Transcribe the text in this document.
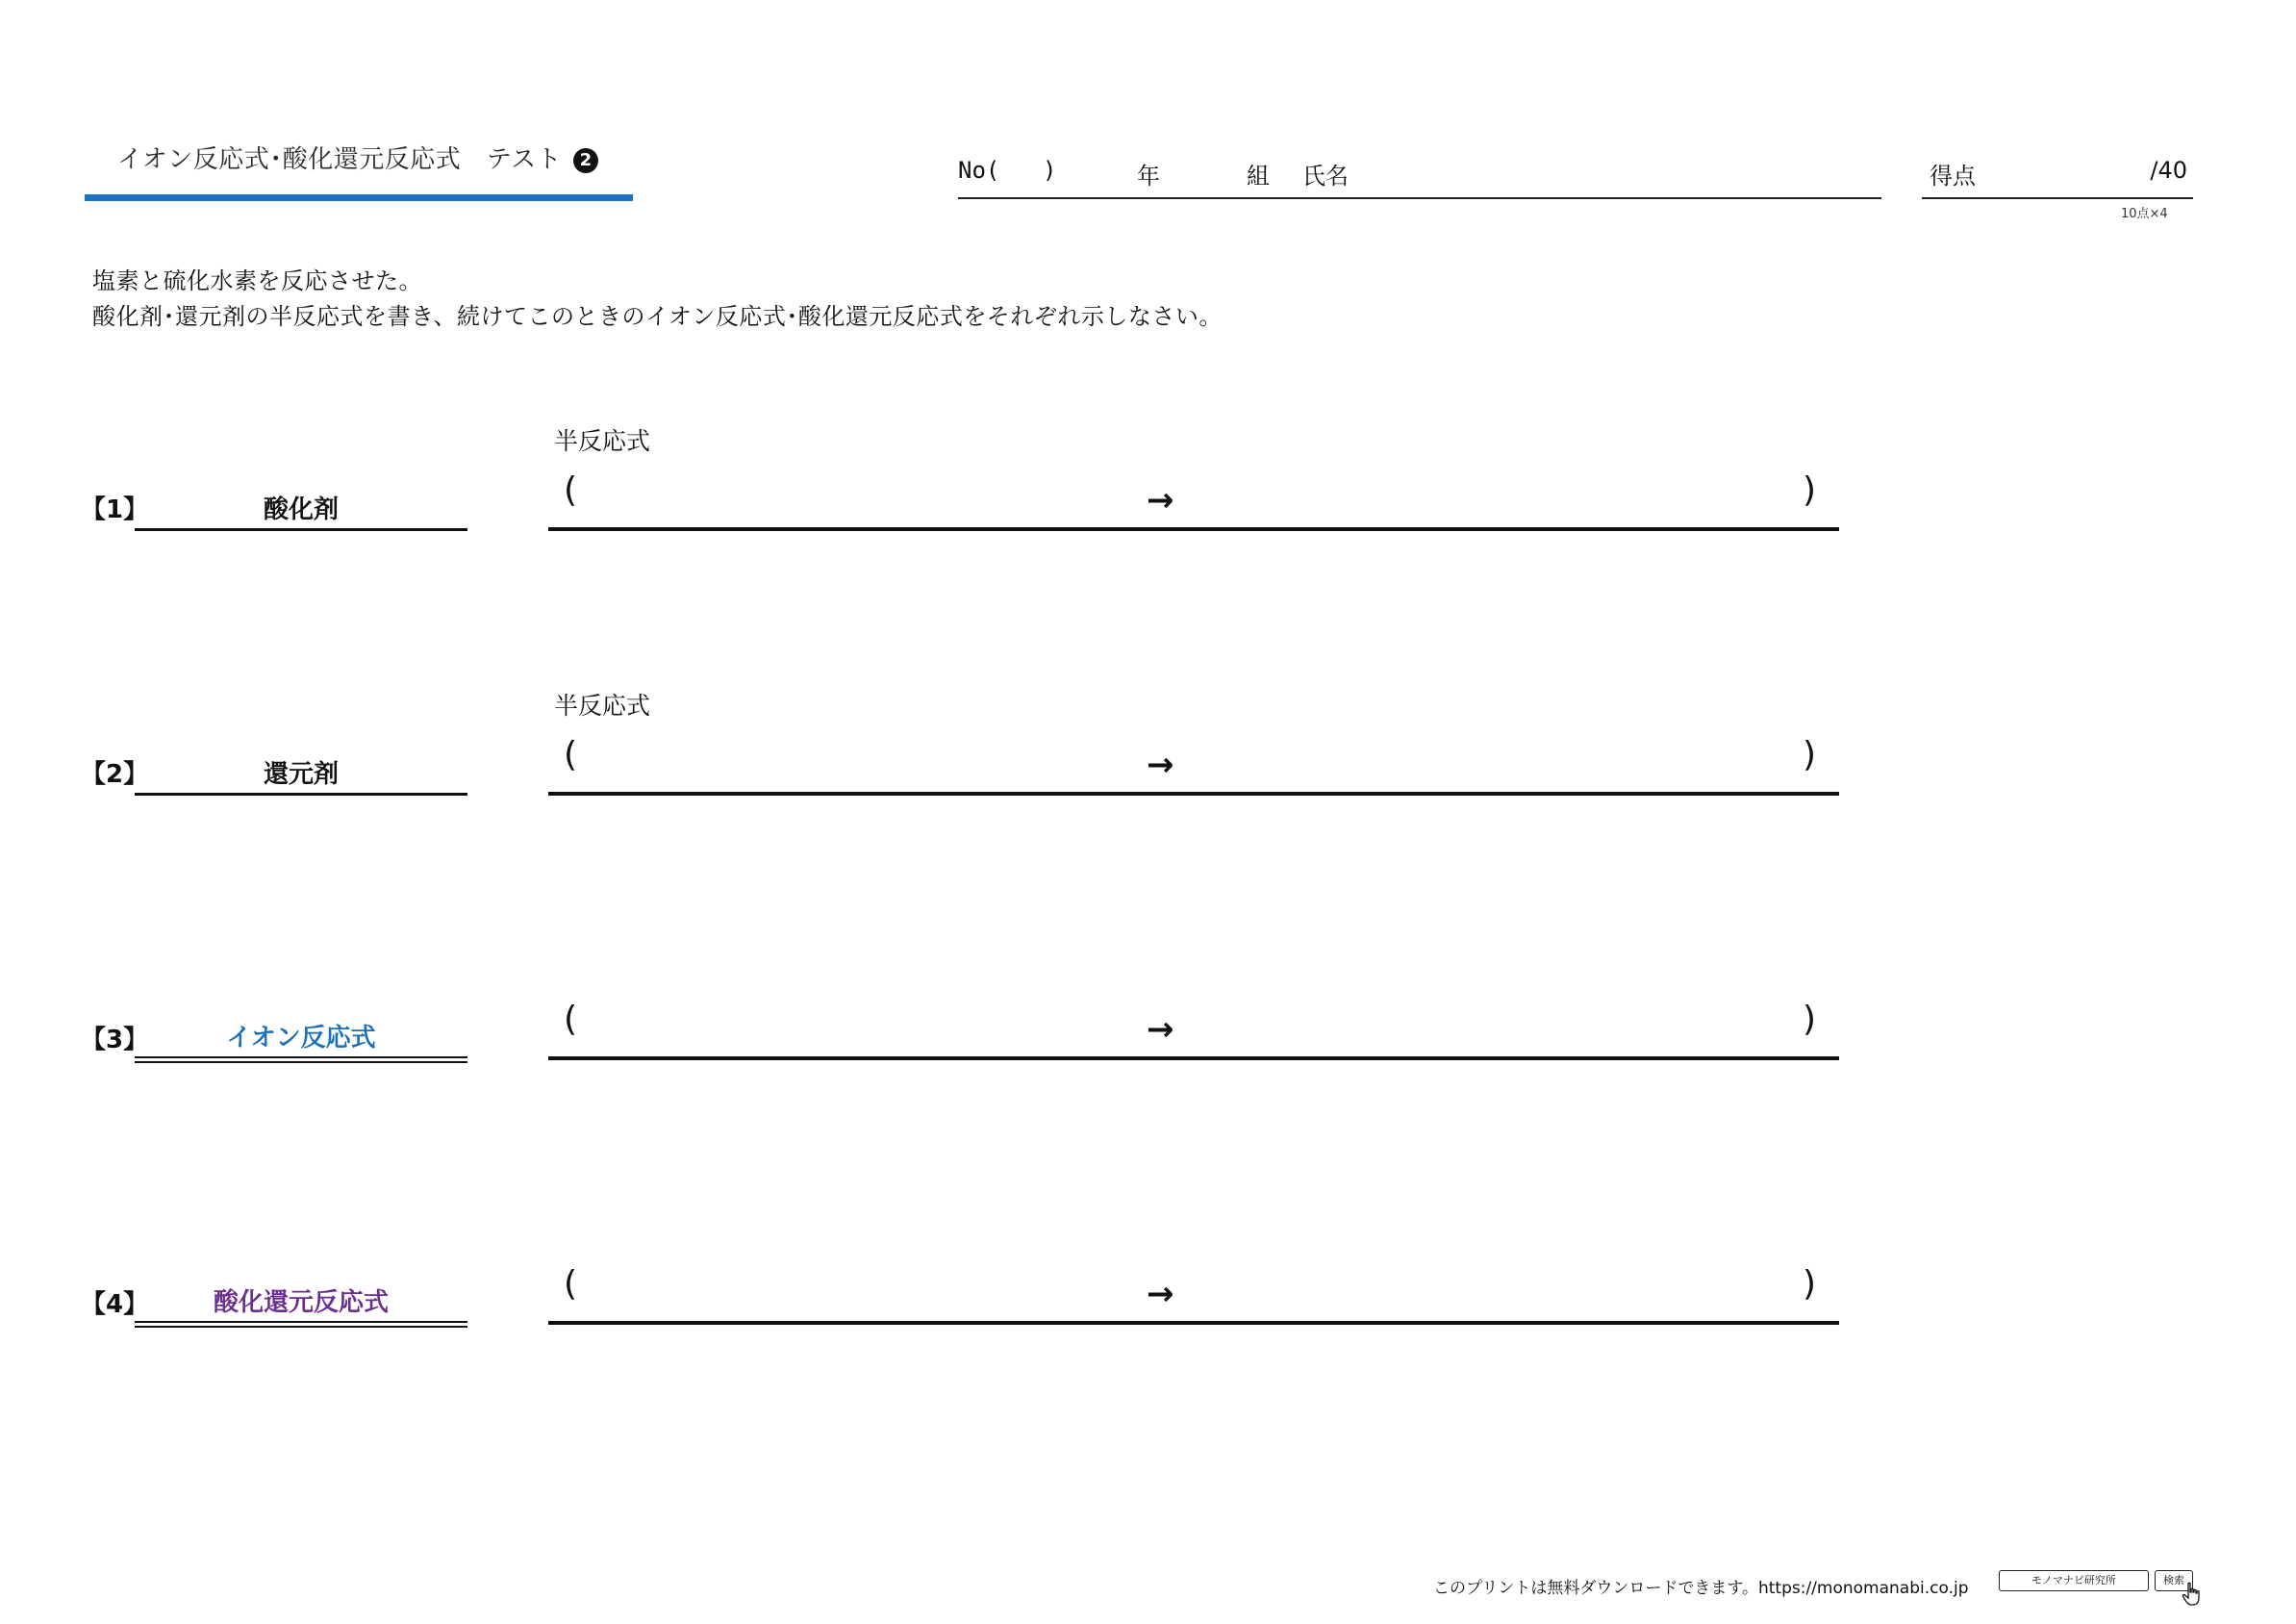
イオン反応式･酸化還元反応式　テスト 2	No( )	年	組 氏名	得点	/40
10点×4
塩素と硫化水素を反応させた。
酸化剤･還元剤の半反応式を書き、続けてこのときのイオン反応式･酸化還元反応式をそれぞれ示しなさい。
半反応式
【1】	酸化剤	(	→	)
半反応式
【2】	還元剤	(	→	)
【3】	イオン反応式	(	→	)
【4】	酸化還元反応式	(	→	)
このプリントは無料ダウンロードできます。https://monomanabi.co.jp	モノマナビ研究所	検索
